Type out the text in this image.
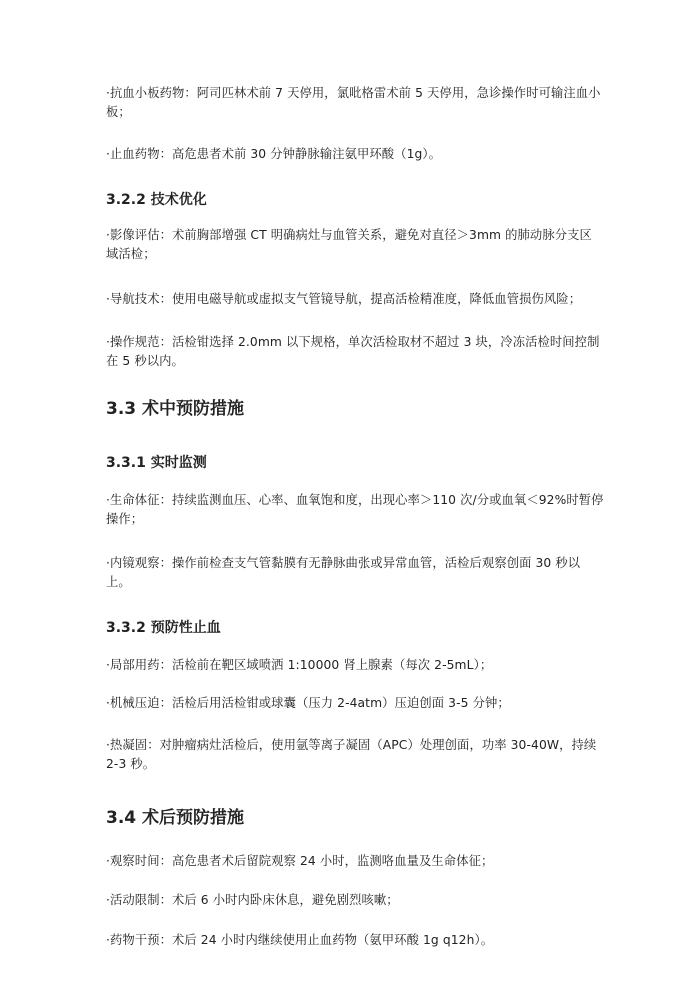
·抗血小板药物：阿司匹林术前 7 天停用，氯吡格雷术前 5 天停用，急诊操作时可输注血小板；

·止血药物：高危患者术前 30 分钟静脉输注氨甲环酸（1g）。

3.2.2 技术优化

·影像评估：术前胸部增强 CT 明确病灶与血管关系，避免对直径＞3mm 的肺动脉分支区域活检；

·导航技术：使用电磁导航或虚拟支气管镜导航，提高活检精准度，降低血管损伤风险；

·操作规范：活检钳选择 2.0mm 以下规格，单次活检取材不超过 3 块，冷冻活检时间控制在 5 秒以内。

3.3 术中预防措施
3.3.1 实时监测

·生命体征：持续监测血压、心率、血氧饱和度，出现心率＞110 次/分或血氧＜92%时暂停操作；

·内镜观察：操作前检查支气管黏膜有无静脉曲张或异常血管，活检后观察创面 30 秒以上。

3.3.2 预防性止血

·局部用药：活检前在靶区域喷洒 1:10000 肾上腺素（每次 2-5mL）；

·机械压迫：活检后用活检钳或球囊（压力 2-4atm）压迫创面 3-5 分钟；

·热凝固：对肿瘤病灶活检后，使用氩等离子凝固（APC）处理创面，功率 30-40W，持续 2-3 秒。

3.4 术后预防措施

·观察时间：高危患者术后留院观察 24 小时，监测咯血量及生命体征；

·活动限制：术后 6 小时内卧床休息，避免剧烈咳嗽；

·药物干预：术后 24 小时内继续使用止血药物（氨甲环酸 1g q12h）。
